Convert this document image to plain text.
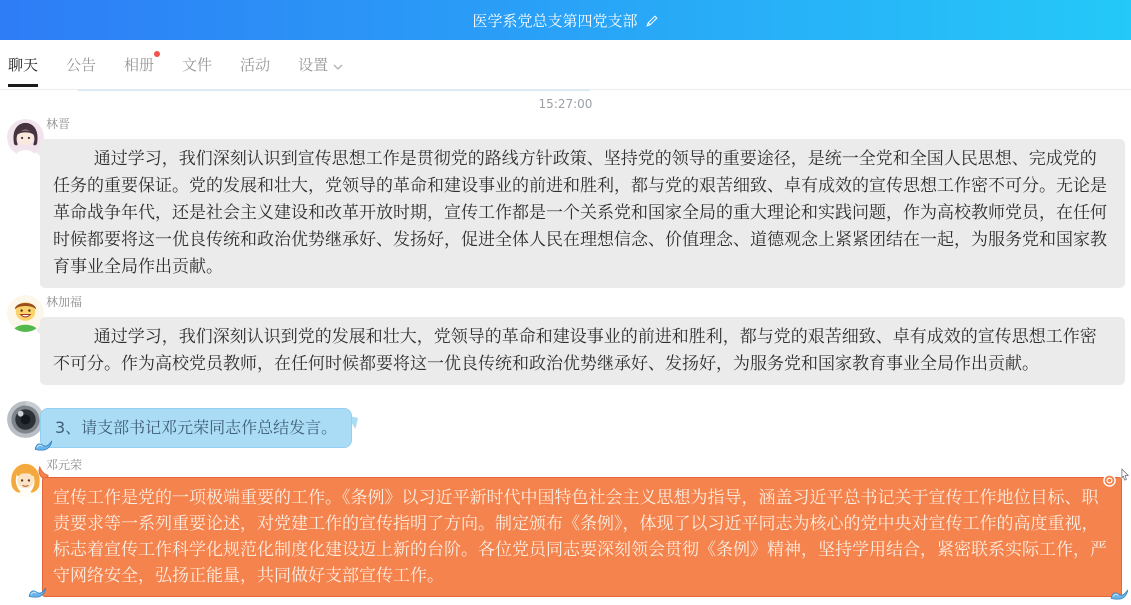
医学系党总支第四党支部
聊天 公告 相册 文件 活动 设置
15:27:00
林晋
通过学习，我们深刻认识到宣传思想工作是贯彻党的路线方针政策、坚持党的领导的重要途径，是统一全党和全国人民思想、完成党的任务的重要保证。党的发展和壮大，党领导的革命和建设事业的前进和胜利，都与党的艰苦细致、卓有成效的宣传思想工作密不可分。无论是革命战争年代，还是社会主义建设和改革开放时期，宣传工作都是一个关系党和国家全局的重大理论和实践问题，作为高校教师党员，在任何时候都要将这一优良传统和政治优势继承好、发扬好，促进全体人民在理想信念、价值理念、道德观念上紧紧团结在一起，为服务党和国家教育事业全局作出贡献。
林加福
通过学习，我们深刻认识到党的发展和壮大，党领导的革命和建设事业的前进和胜利，都与党的艰苦细致、卓有成效的宣传思想工作密不可分。作为高校党员教师，在任何时候都要将这一优良传统和政治优势继承好、发扬好，为服务党和国家教育事业全局作出贡献。
3、请支部书记邓元荣同志作总结发言。
邓元荣
宣传工作是党的一项极端重要的工作。《条例》以习近平新时代中国特色社会主义思想为指导，涵盖习近平总书记关于宣传工作地位目标、职责要求等一系列重要论述，对党建工作的宣传指明了方向。制定颁布《条例》，体现了以习近平同志为核心的党中央对宣传工作的高度重视，标志着宣传工作科学化规范化制度化建设迈上新的台阶。各位党员同志要深刻领会贯彻《条例》精神，坚持学用结合，紧密联系实际工作，严守网络安全，弘扬正能量，共同做好支部宣传工作。
